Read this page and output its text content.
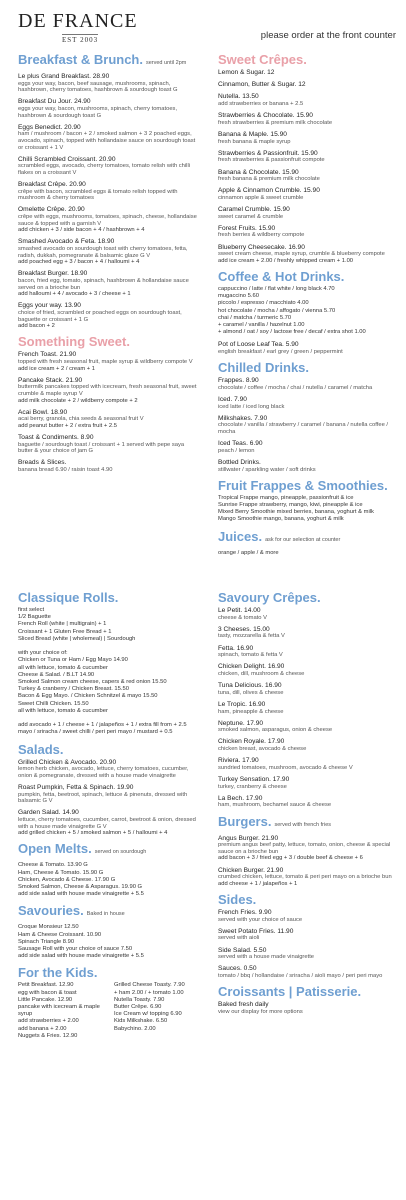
DE FRANCE
EST 2003	please order at the front counter
Breakfast & Brunch. served until 2pm
Le plus Grand Breakfast. 28.90
eggs your way, bacon, beef sausage, mushrooms, spinach, hashbrown, cherry tomatoes, hashbrown & sourdough toast G
Breakfast Du Jour. 24.90
eggs your way, bacon, mushrooms, spinach, cherry tomatoes, hashbrown & sourdough toast G
Eggs Benedict. 20.90
ham / mushroom / bacon + 2 / smoked salmon + 3 2 poached eggs, avocado, spinach, topped with hollandaise sauce on sourdough toast or croissant + 1 V
Chilli Scrambled Croissant. 20.90
scrambled eggs, avocado, cherry tomatoes, tomato relish with chilli flakes on a croissant V
Breakfast Crêpe. 20.90
crêpe with bacon, scrambled eggs & tomato relish topped with mushroom & cherry tomatoes
Omelette Crêpe. 20.90
crêpe with eggs, mushrooms, tomatoes, spinach, cheese, hollandaise sauce & topped with a garnish V
add chicken + 3 / side bacon + 4 / hashbrown + 4
Smashed Avocado & Feta. 18.90
smashed avocado on sourdough toast with cherry tomatoes, fetta, radish, dukkah, pomegranate & balsamic glaze G V
add poached egg + 3 / bacon + 4 / halloumi + 4
Breakfast Burger. 18.90
bacon, fried egg, tomato, spinach, hashbrown & hollandaise sauce served on a brioche bun
add halloumi + 4 / avocado + 3 / cheese + 1
Eggs your way. 13.90
choice of fried, scrambled or poached eggs on sourdough toast, baguette or croissant + 1 G
add bacon + 2
Something Sweet.
French Toast. 21.90
topped with fresh seasonal fruit, maple syrup & wildberry compote V
add ice cream + 2 / cream + 1
Pancake Stack. 21.90
buttermilk pancakes topped with icecream, fresh seasonal fruit, sweet crumble & maple syrup V
add milk chocolate + 2 / wildberry compote + 2
Acai Bowl. 18.90
acai berry, granola, chia seeds & seasonal fruit V
add peanut butter + 2 / extra fruit + 2.5
Toast & Condiments. 8.90
baguette / sourdough toast / croissant + 1 served with pepe saya butter & your choice of jam G
Breads & Slices.
banana bread 6.90 / raisin toast 4.90
Sweet Crêpes.
Lemon & Sugar. 12
Cinnamon, Butter & Sugar. 12
Nutella. 13.50
add strawberries or banana + 2.5
Strawberries & Chocolate. 15.90
fresh strawberries & premium milk chocolate
Banana & Maple. 15.90
fresh banana & maple syrup
Strawberries & Passionfruit. 15.90
fresh strawberries & passionfruit compote
Banana & Chocolate. 15.90
fresh banana & premium milk chocolate
Apple & Cinnamon Crumble. 15.90
cinnamon apple & sweet crumble
Caramel Crumble. 15.90
sweet caramel & crumble
Forest Fruits. 15.90
fresh berries & wildberry compote
Blueberry Cheesecake. 16.90
sweet cream cheese, maple syrup, crumble & blueberry compote
add ice cream + 2.00 / freshly whipped cream + 1.00
Coffee & Hot Drinks.
cappuccino / latte / flat white / long black 4.70
mugaccino 5.60
piccolo / espresso / macchiato 4.00
hot chocolate / mocha / affogato / vienna 5.70
chai / matcha / turmeric 5.70
+ caramel / vanilla / hazelnut 1.00
+ almond / oat / soy / lactose free / decaf / extra shot 1.00
Pot of Loose Leaf Tea. 5.90
english breakfast / earl grey / green / peppermint
Chilled Drinks.
Frappes. 8.90
chocolate / coffee / mocha / chai / nutella / caramel / matcha
Iced. 7.90
iced latte / iced long black
Milkshakes. 7.90
chocolate / vanilla / strawberry / caramel / banana / nutella coffee / mocha
Iced Teas. 6.90
peach / lemon
Bottled Drinks.
stillwater / sparkling water / soft drinks
Fruit Frappes & Smoothies.
Tropical Frappe mango, pineapple, passionfruit & ice
Sunrise Frappe strawberry, mango, kiwi, pineapple & ice
Mixed Berry Smoothie mixed berries, banana, yoghurt & milk
Mango Smoothie mango, banana, yoghurt & milk
Juices. ask for our selection at counter
orange / apple / & more
Classique Rolls.
first select
1/2 Baguette
French Roll (white | multigrain) + 1
Croissant + 1 Gluten Free Bread + 1
Sliced Bread (white | wholemeal) | Sourdough

with your choice of:
Chicken or Tuna or Ham / Egg Mayo 14.90
all with lettuce, tomato & cucumber
Cheese & Salad. / B.LT 14.90
Smoked Salmon cream cheese, capers & red onion 15.50
Turkey & cranberry / Chicken Breast. 15.50
Bacon & Egg Mayo. / Chicken Schnitzel & mayo 15.50
Sweet Chilli Chicken. 15.50
all with lettuce, tomato & cucumber

add avocado + 1 / cheese + 1 / jalapeños + 1 / extra fill from + 2.5
mayo / sriracha / sweet chilli / peri peri mayo / mustard + 0.5
Salads.
Grilled Chicken & Avocado. 20.90
lemon herb chicken, avocado, lettuce, cherry tomatoes, cucumber, onion & pomegranate, dressed with a house made vinaigrette
Roast Pumpkin, Fetta & Spinach. 19.90
pumpkin, fetta, beetroot, spinach, lettuce & pinenuts, dressed with balsamic G V
Garden Salad. 14.90
lettuce, cherry tomatoes, cucumber, carrot, beetroot & onion, dressed with a house made vinaigrette G V
add grilled chicken + 5 / smoked salmon + 5 / halloumi + 4
Open Melts. served on sourdough
Cheese & Tomato. 13.90 G
Ham, Cheese & Tomato. 15.90 G
Chicken, Avocado & Cheese. 17.90 G
Smoked Salmon, Cheese & Asparagus. 19.90 G
add side salad with house made vinaigrette + 5.5
Savouries. Baked in house
Croque Monsieur 12.50
Ham & Cheese Croissant. 10.90
Spinach Triangle 8.90
Sausage Roll with your choice of sauce 7.50
add side salad with house made vinaigrette + 5.5
For the Kids.
Petit Breakfast. 12.90
egg with bacon & toast
Little Pancake. 12.90
pancake with icecream & maple syrup
add strawberries + 2.00
add banana + 2.00
Nuggets & Fries. 12.90
Grilled Cheese Toasty. 7.90
+ ham 2.00 / + tomato 1.00
Nutella Toasty. 7.90
Butter Crêpe. 6.90
Ice Cream w/ topping 6.90
Kids Milkshake. 6.50
Babychino. 2.00
Savoury Crêpes.
Le Petit. 14.00
cheese & tomato V
3 Cheeses. 15.00
tasty, mozzarella & fetta V
Fetta. 16.90
spinach, tomato & fetta V
Chicken Delight. 16.90
chicken, dill, mushroom & cheese
Tuna Delicious. 16.90
tuna, dill, olives & cheese
Le Tropic. 16.90
ham, pineapple & cheese
Neptune. 17.90
smoked salmon, asparagus, onion & cheese
Chicken Royale. 17.90
chicken breast, avocado & cheese
Riviera. 17.90
sundried tomatoes, mushroom, avocado & cheese V
Turkey Sensation. 17.90
turkey, cranberry & cheese
La Bech. 17.90
ham, mushroom, bechamel sauce & cheese
Burgers. served with french fries
Angus Burger. 21.90
premium angus beef patty, lettuce, tomato, onion, cheese & special sauce on a brioche bun
add bacon + 3 / fried egg + 3 / double beef & cheese + 6
Chicken Burger. 21.90
crumbed chicken, lettuce, tomato & peri peri mayo on a brioche bun
add cheese + 1 / jalapeños + 1
Sides.
French Fries. 9.90
served with your choice of sauce
Sweet Potato Fries. 11.90
served with aioli
Side Salad. 5.50
served with a house made vinaigrette
Sauces. 0.50
tomato / bbq / hollandaise / sriracha / aioli mayo / peri peri mayo
Croissants | Patisserie.
Baked fresh daily
view our display for more options
